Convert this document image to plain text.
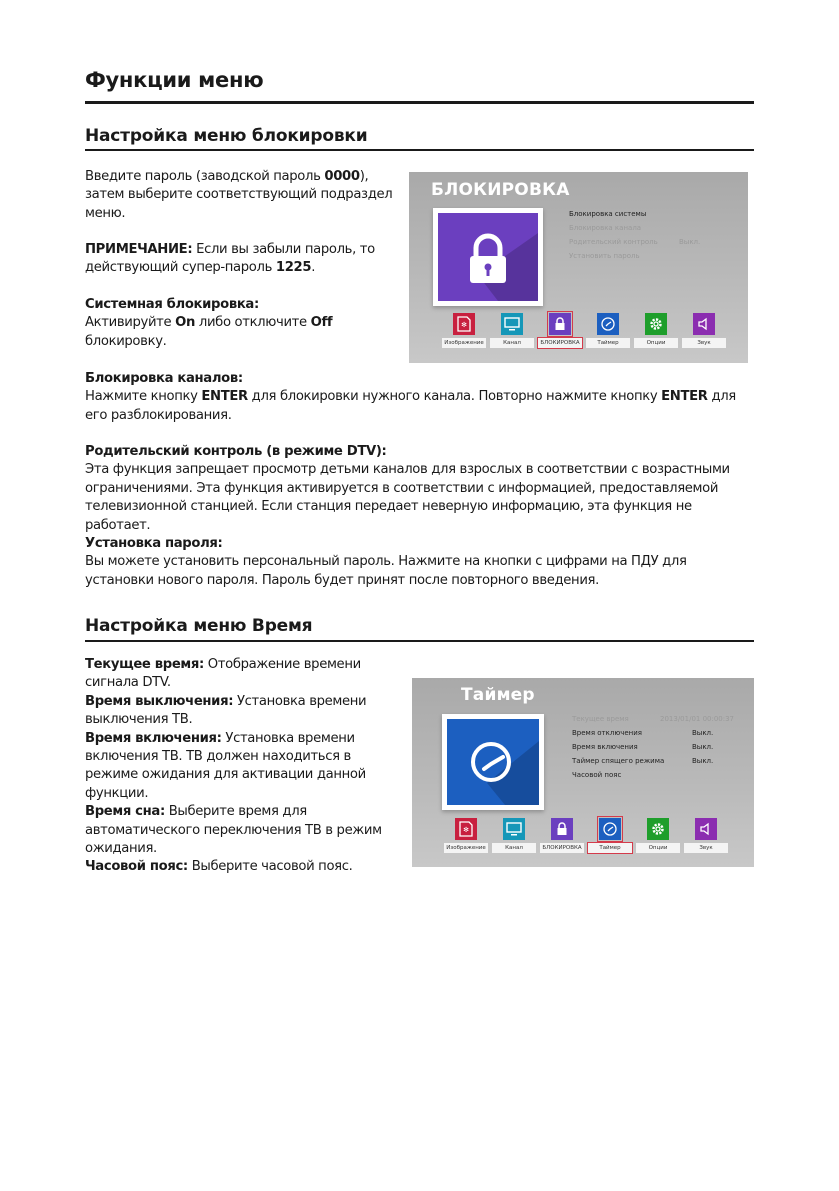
Функции меню
Настройка меню блокировки
Введите пароль (заводской пароль 0000), затем выберите соответствующий подраздел меню.
ПРИМЕЧАНИЕ: Если вы забыли пароль, то действующий супер-пароль 1225.
Системная блокировка:
Активируйте On либо отключите Off блокировку.
БЛОКИРОВКА
Блокировка системы
Блокировка канала
Родительский контроль	Выкл.
Установить пароль
✻
Изображение	Канал	БЛОКИРОВКА	Таймер	Опции	Звук
Блокировка каналов:
Нажмите кнопку ENTER для блокировки нужного канала. Повторно нажмите кнопку ENTER для его разблокирования.
Родительский контроль (в режиме DTV):
Эта функция запрещает просмотр детьми каналов для взрослых в соответствии с возрастными ограничениями. Эта функция активируется в соответствии с информацией, предоставляемой телевизионной станцией. Если станция передает неверную информацию, эта функция не работает.
Установка пароля:
Вы можете установить персональный пароль. Нажмите на кнопки с цифрами на ПДУ для установки нового пароля. Пароль будет принят после повторного введения.
Настройка меню Время
Текущее время: Отображение времени сигнала DTV.
Время выключения: Установка времени выключения ТВ.
Время включения: Установка времени включения ТВ. ТВ должен находиться в режиме ожидания для активации данной функции.
Время сна: Выберите время для автоматического переключения ТВ в режим ожидания.
Часовой пояс: Выберите часовой пояс.
Таймер
Текущее время	2013/01/01 00:00:37
Время отключения	Выкл.
Время включения	Выкл.
Таймер спящего режима	Выкл.
Часовой пояс
✻
Изображение	Канал	БЛОКИРОВКА	Таймер	Опции	Звук
